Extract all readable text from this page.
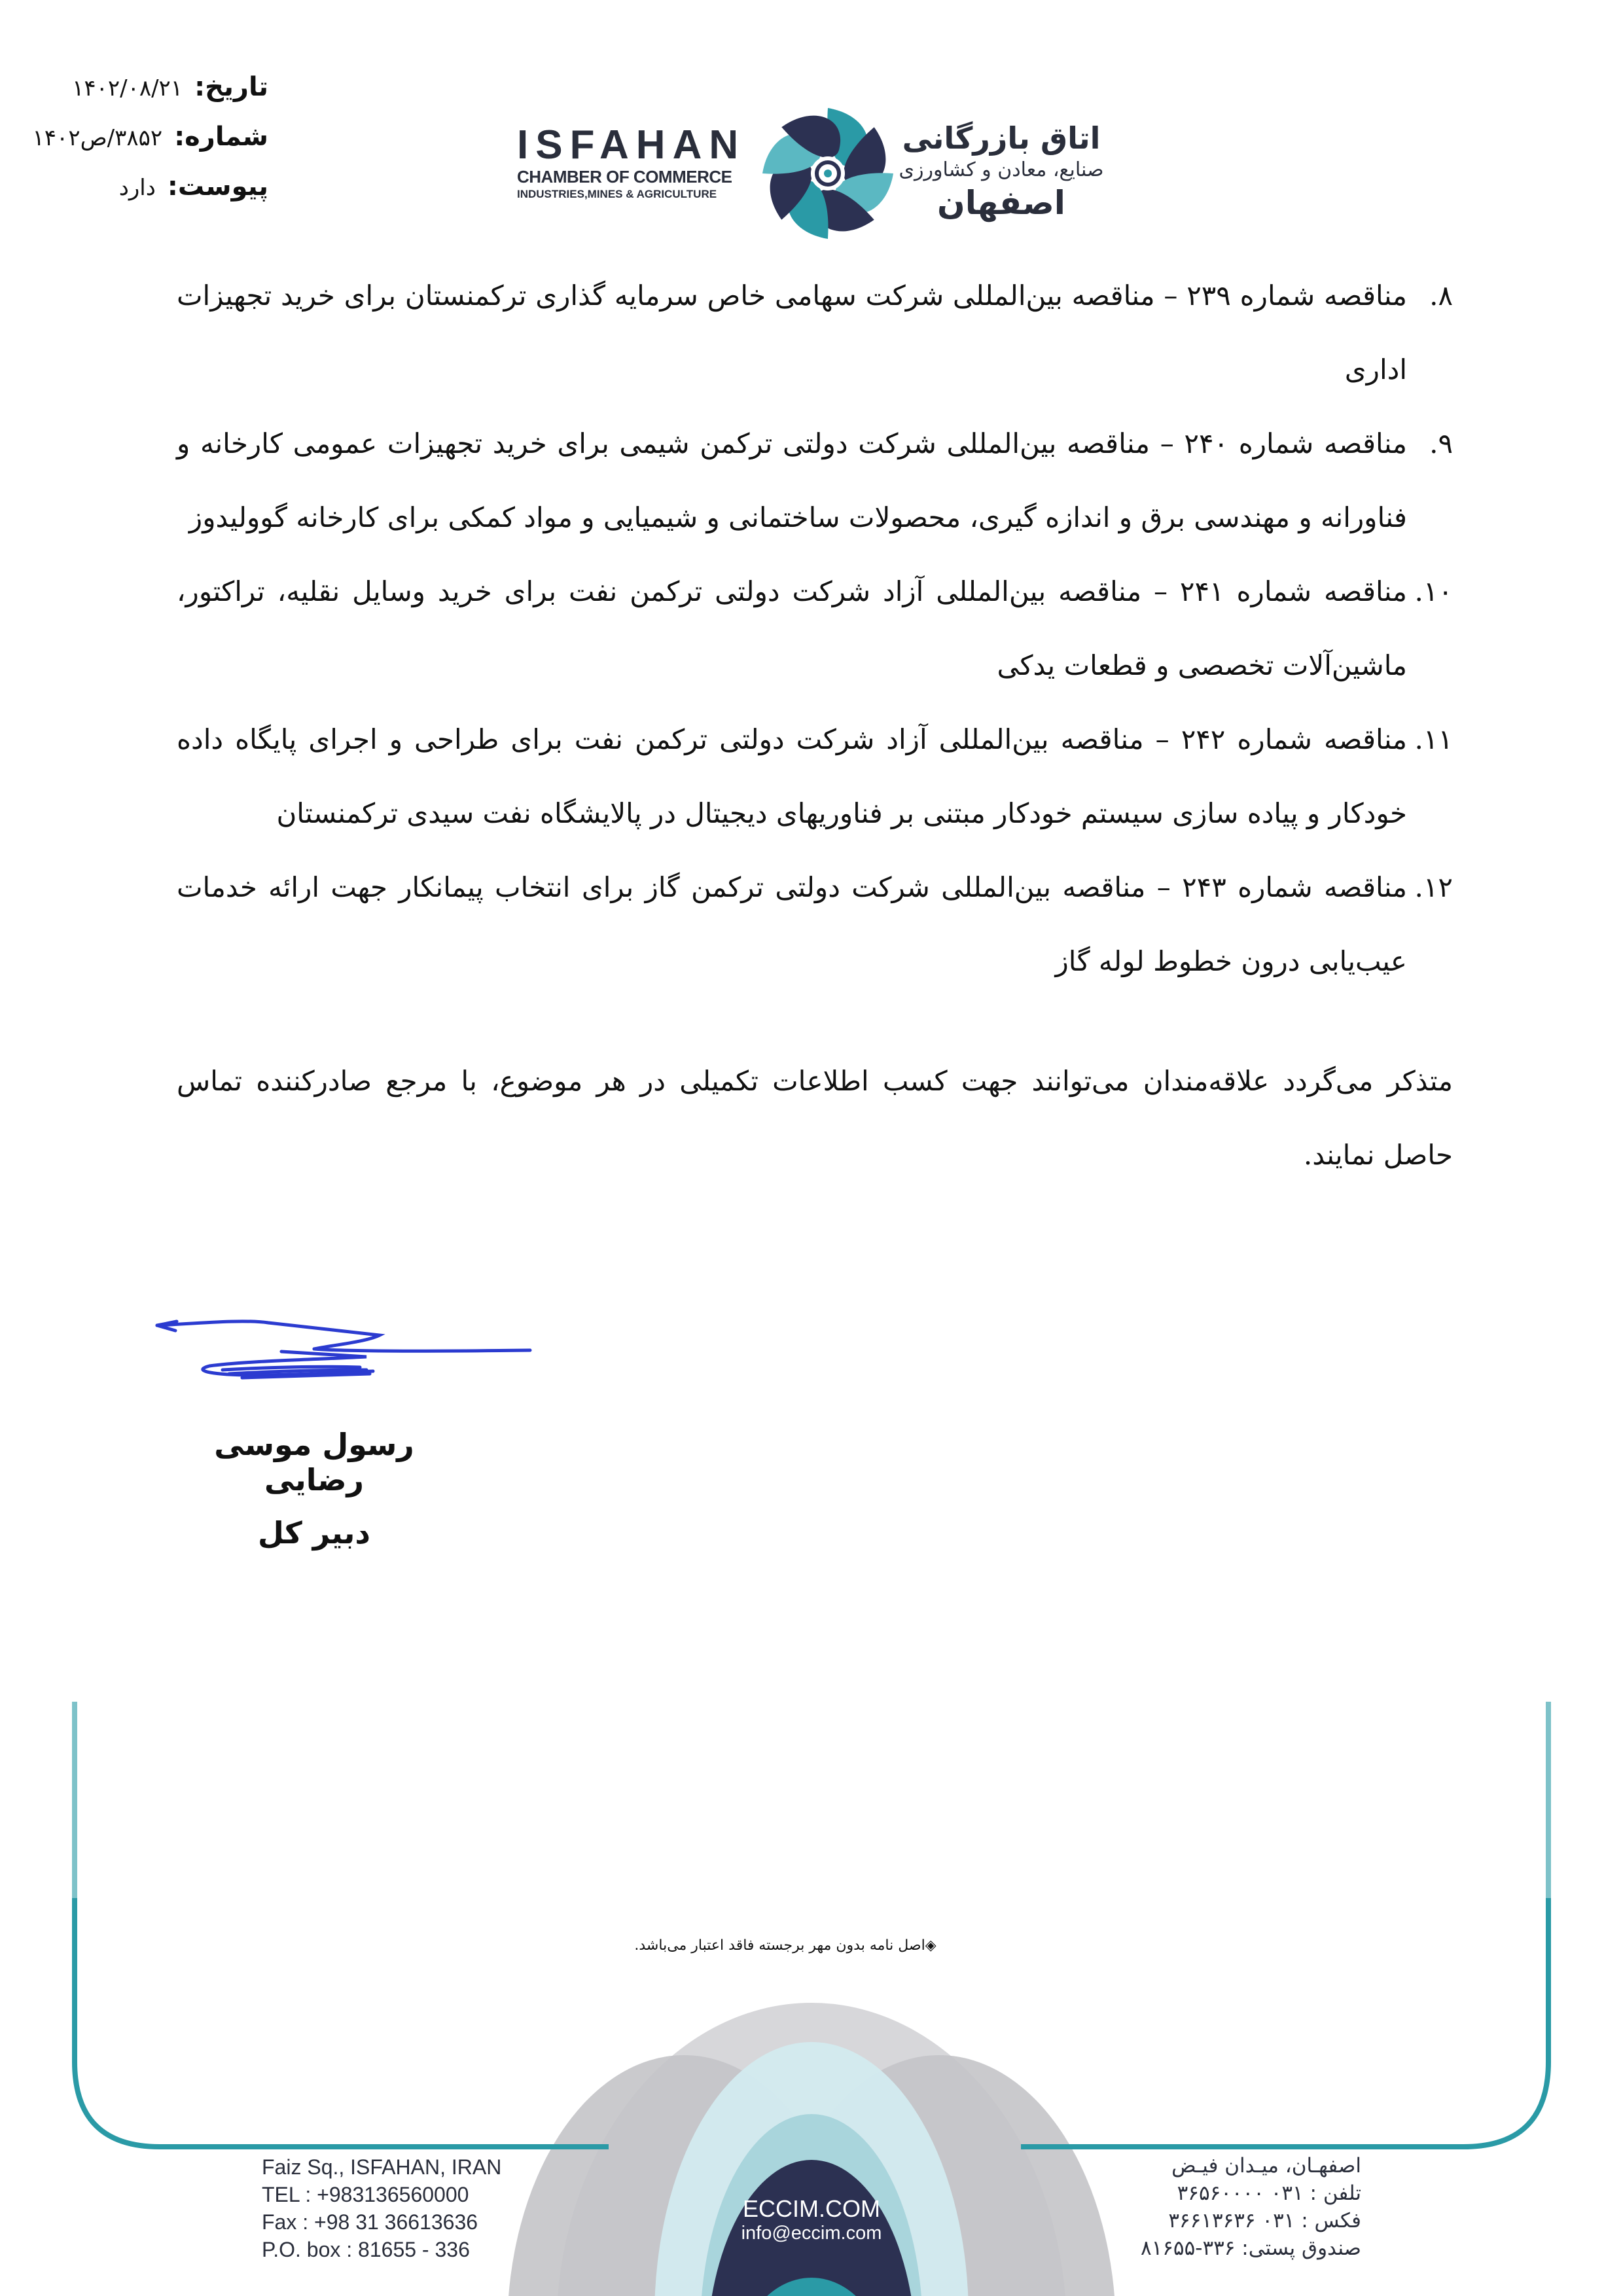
تاریخ:
۱۴۰۲/۰۸/۲۱
شماره:
۳۸۵۲/ص۱۴۰۲
پیوست:
دارد
ISFAHAN
CHAMBER OF COMMERCE
INDUSTRIES,MINES & AGRICULTURE
اتاق بازرگانی
صنایع، معادن و کشاورزی
اصفهان
۸.
مناقصه شماره ۲۳۹ – مناقصه بین‌المللی شرکت سهامی خاص سرمایه گذاری ترکمنستان برای خرید تجهیزات اداری
۹.
مناقصه شماره ۲۴۰ – مناقصه بین‌المللی شرکت دولتی ترکمن شیمی برای خرید تجهیزات عمومی کارخانه و فناورانه و مهندسی برق و اندازه گیری، محصولات ساختمانی و شیمیایی و مواد کمکی برای کارخانه گوولیدوز
۱۰.
مناقصه شماره ۲۴۱ – مناقصه بین‌المللی آزاد شرکت دولتی ترکمن نفت برای خرید وسایل نقلیه، تراکتور، ماشین‌آلات تخصصی و قطعات یدکی
۱۱.
مناقصه شماره ۲۴۲ – مناقصه بین‌المللی آزاد شرکت دولتی ترکمن نفت برای طراحی و اجرای پایگاه داده خودکار و پیاده سازی سیستم خودکار مبتنی بر فناوریهای دیجیتال در پالایشگاه نفت سیدی ترکمنستان
۱۲.
مناقصه شماره ۲۴۳ – مناقصه بین‌المللی شرکت دولتی ترکمن گاز برای انتخاب پیمانکار جهت ارائه خدمات عیب‌یابی درون خطوط لوله گاز
متذکر می‌گردد علاقه‌مندان می‌توانند جهت کسب اطلاعات تکمیلی در هر موضوع، با مرجع صادرکننده تماس حاصل نمایند.
رسول موسی رضایی
دبیر کل
◈اصل نامه بدون مهر برجسته فاقد اعتبار می‌باشد.
Faiz Sq., ISFAHAN, IRAN
TEL : +983136560000
Fax : +98 31 36613636
P.O. box : 81655 - 336
ECCIM.COM
info@eccim.com
اصفهـان، میـدان فیـض
تلفن : ۰۳۱ ۳۶۵۶۰۰۰۰
فکس : ۰۳۱ ۳۶۶۱۳۶۳۶
صندوق پستی: ۳۳۶-۸۱۶۵۵
